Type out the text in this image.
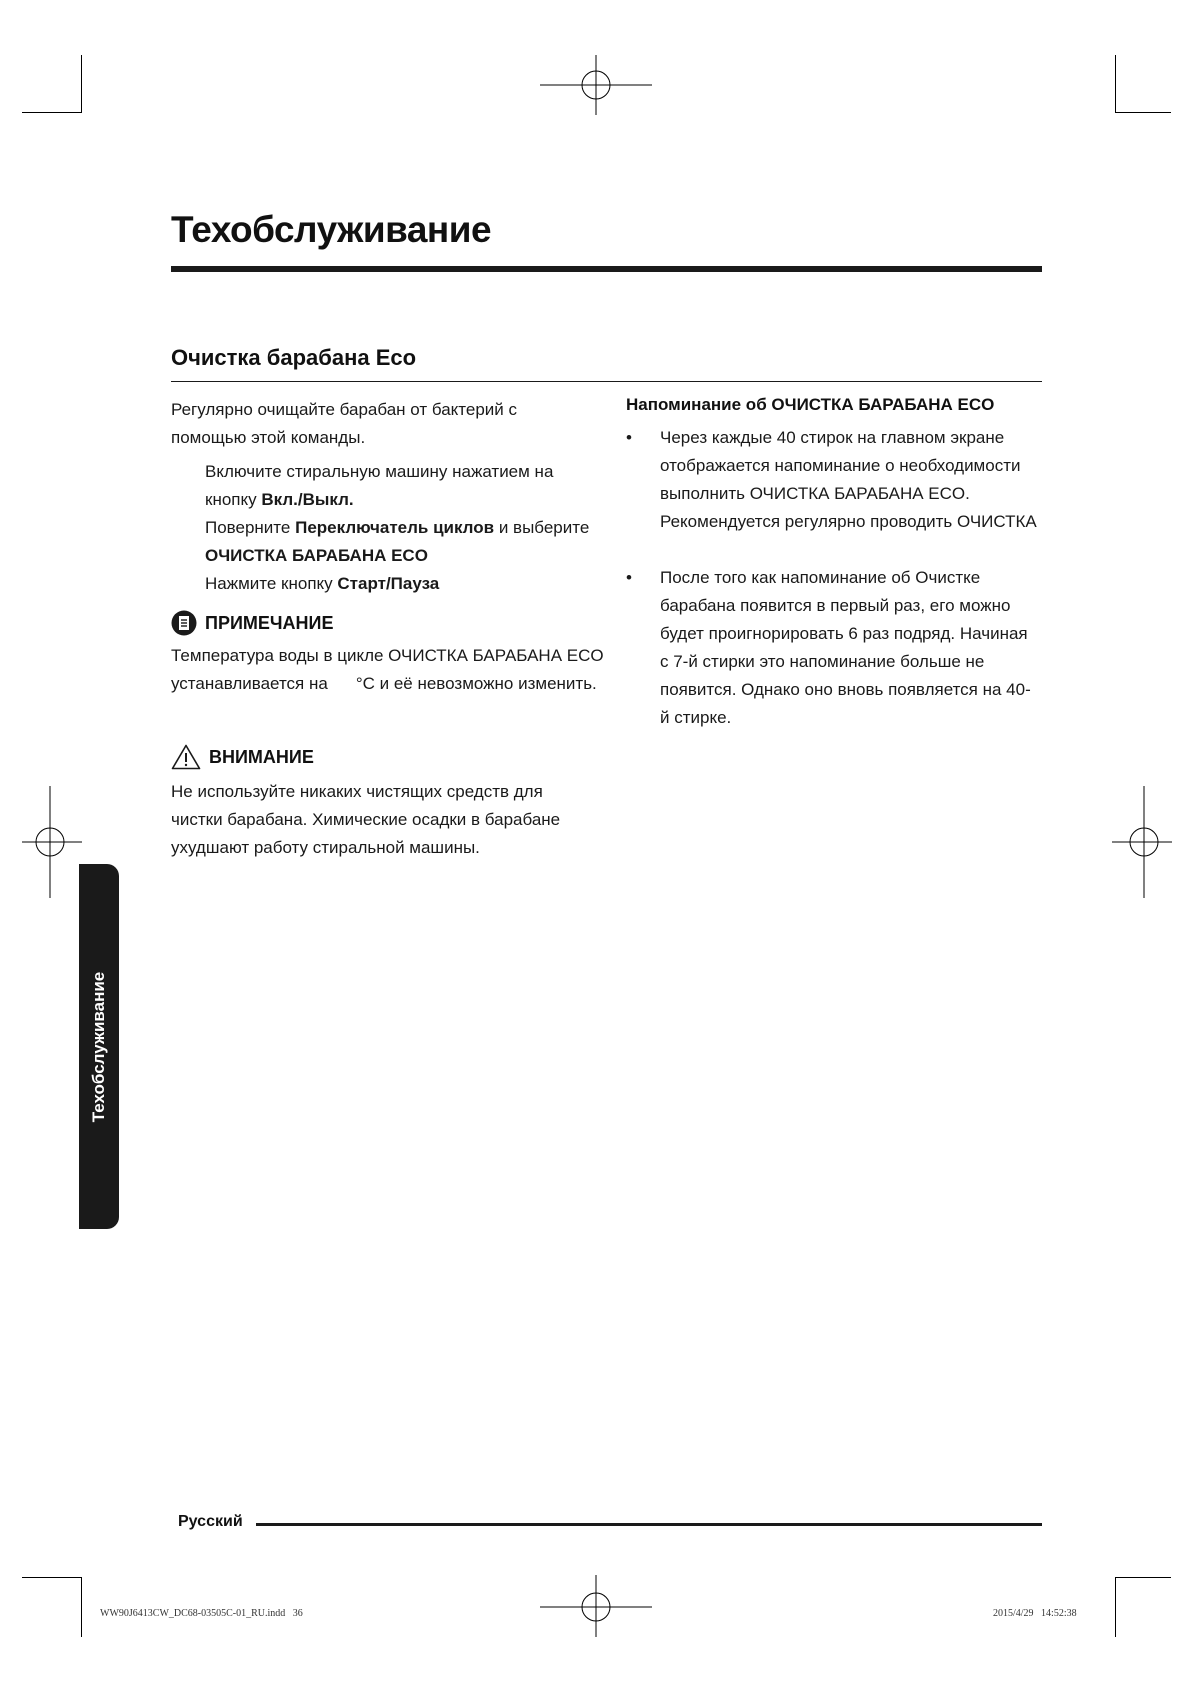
Техобслуживание
Очистка барабана Eco
Регулярно очищайте барабан от бактерий с помощью этой команды.
Включите стиральную машину нажатием на кнопку Вкл./Выкл.
Поверните Переключатель циклов и выберите ОЧИСТКА БАРАБАНА ECO
Нажмите кнопку Старт/Пауза
ПРИМЕЧАНИЕ
Температура воды в цикле ОЧИСТКА БАРАБАНА ECO
устанавливается на °С и её невозможно изменить.
ВНИМАНИЕ
Не используйте никаких чистящих средств для чистки барабана. Химические осадки в барабане ухудшают работу стиральной машины.
Напоминание об ОЧИСТКА БАРАБАНА ECO
• Через каждые 40 стирок на главном экране отображается напоминание о необходимости выполнить ОЧИСТКА БАРАБАНА ECO. Рекомендуется регулярно проводить ОЧИСТКА
• После того как напоминание об Очистке барабана появится в первый раз, его можно будет проигнорировать 6 раз подряд. Начиная с 7-й стирки это напоминание больше не появится. Однако оно вновь появляется на 40-й стирке.
Техобслуживание
Русский
WW90J6413CW_DC68-03505C-01_RU.indd   36	2015/4/29   14:52:38
